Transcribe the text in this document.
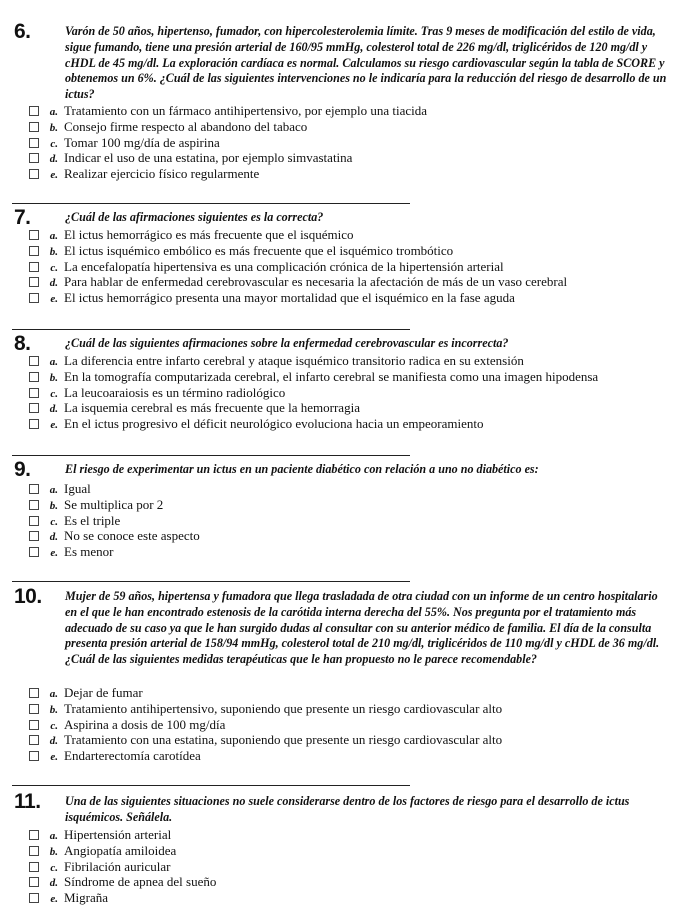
6.	Varón de 50 años, hipertenso, fumador, con hipercolesterolemia límite. Tras 9 meses de modificación del estilo de vida, sigue fumando, tiene una presión arterial de 160/95 mmHg, colesterol total de 226 mg/dl, triglicéridos de 120 mg/dl y cHDL de 45 mg/dl. La exploración cardíaca es normal. Calculamos su riesgo cardiovascular según la tabla de SCORE y obtenemos un 6%. ¿Cuál de las siguientes intervenciones no le indicaría para la reducción del riesgo de desarrollo de un ictus?
a. Tratamiento con un fármaco antihipertensivo, por ejemplo una tiacida
b. Consejo firme respecto al abandono del tabaco
c. Tomar 100 mg/día de aspirina
d. Indicar el uso de una estatina, por ejemplo simvastatina
e. Realizar ejercicio físico regularmente
7.	¿Cuál de las afirmaciones siguientes es la correcta?
a. El ictus hemorrágico es más frecuente que el isquémico
b. El ictus isquémico embólico es más frecuente que el isquémico trombótico
c. La encefalopatía hipertensiva es una complicación crónica de la hipertensión arterial
d. Para hablar de enfermedad cerebrovascular es necesaria la afectación de más de un vaso cerebral
e. El ictus hemorrágico presenta una mayor mortalidad que el isquémico en la fase aguda
8.	¿Cuál de las siguientes afirmaciones sobre la enfermedad cerebrovascular es incorrecta?
a. La diferencia entre infarto cerebral y ataque isquémico transitorio radica en su extensión
b. En la tomografía computarizada cerebral, el infarto cerebral se manifiesta como una imagen hipodensa
c. La leucoaraiosis es un término radiológico
d. La isquemia cerebral es más frecuente que la hemorragia
e. En el ictus progresivo el déficit neurológico evoluciona hacia un empeoramiento
9.	El riesgo de experimentar un ictus en un paciente diabético con relación a uno no diabético es:
a. Igual
b. Se multiplica por 2
c. Es el triple
d. No se conoce este aspecto
e. Es menor
10. Mujer de 59 años, hipertensa y fumadora que llega trasladada de otra ciudad con un informe de un centro hospitalario en el que le han encontrado estenosis de la carótida interna derecha del 55%. Nos pregunta por el tratamiento más adecuado de su caso ya que le han surgido dudas al consultar con su anterior médico de familia. El día de la consulta presenta presión arterial de 158/94 mmHg, colesterol total de 210 mg/dl, triglicéridos de 110 mg/dl y cHDL de 36 mg/dl. ¿Cuál de las siguientes medidas terapéuticas que le han propuesto no le parece recomendable?
a. Dejar de fumar
b. Tratamiento antihipertensivo, suponiendo que presente un riesgo cardiovascular alto
c. Aspirina a dosis de 100 mg/día
d. Tratamiento con una estatina, suponiendo que presente un riesgo cardiovascular alto
e. Endarterectomía carotídea
11. Una de las siguientes situaciones no suele considerarse dentro de los factores de riesgo para el desarrollo de ictus isquémicos. Señálela.
a. Hipertensión arterial
b. Angiopatía amiloidea
c. Fibrilación auricular
d. Síndrome de apnea del sueño
e. Migraña
